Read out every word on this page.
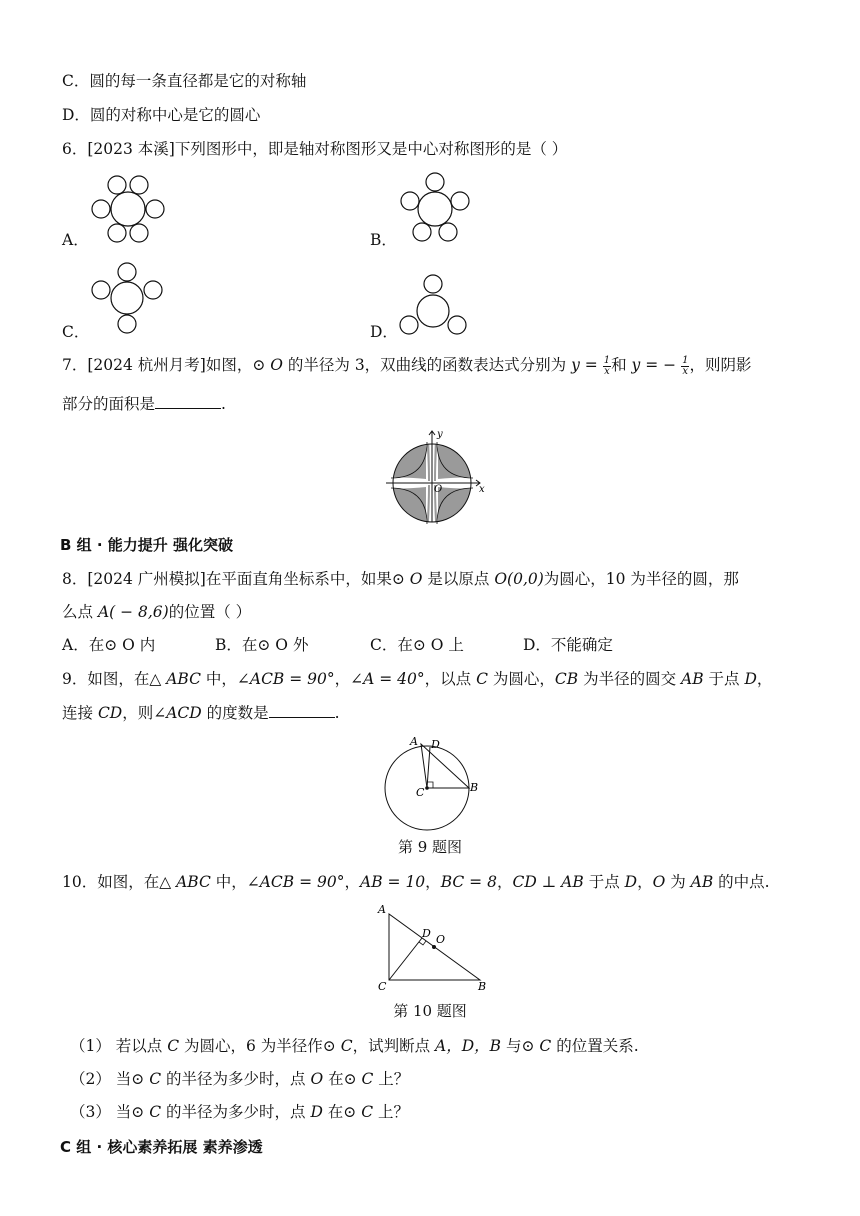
C．圆的每一条直径都是它的对称轴
D．圆的对称中心是它的圆心
6．[2023 本溪]下列图形中，即是轴对称图形又是中心对称图形的是（ ）
A．	B．
C．	D．
7．[2024 杭州月考]如图，⊙ O 的半径为 3，双曲线的函数表达式分别为 $y = \frac{1}{x}$ 和 y = − $\frac{1}{x}$ ，则阴影
部分的面积是	.
y
x
O
B 组 · 能力提升 强化突破
8．[2024 广州模拟]在平面直角坐标系中，如果⊙ O 是以原点 O(0,0)为圆心，10 为半径的圆，那
么点 A( − 8,6)的位置（ ）
A．在⊙ O 内	B．在⊙ O 外	C．在⊙ O 上	D．不能确定
9．如图，在△ ABC 中，∠ACB = 90°，∠A = 40°，以点 C 为圆心，CB 为半径的圆交 AB 于点 D，
连接 CD，则∠ACD 的度数是	.
A D
B
C
第 9 题图
10．如图，在△ ABC 中，∠ACB = 90°，AB = 10，BC = 8，CD ⊥ AB 于点 D，O 为 AB 的中点.
A
D O
C	B
第 10 题图
（1） 若以点 C 为圆心，6 为半径作⊙ C，试判断点 A，D，B 与⊙ C 的位置关系.
（2） 当⊙ C 的半径为多少时，点 O 在⊙ C 上？
（3） 当⊙ C 的半径为多少时，点 D 在⊙ C 上？
C 组 · 核心素养拓展 素养渗透
